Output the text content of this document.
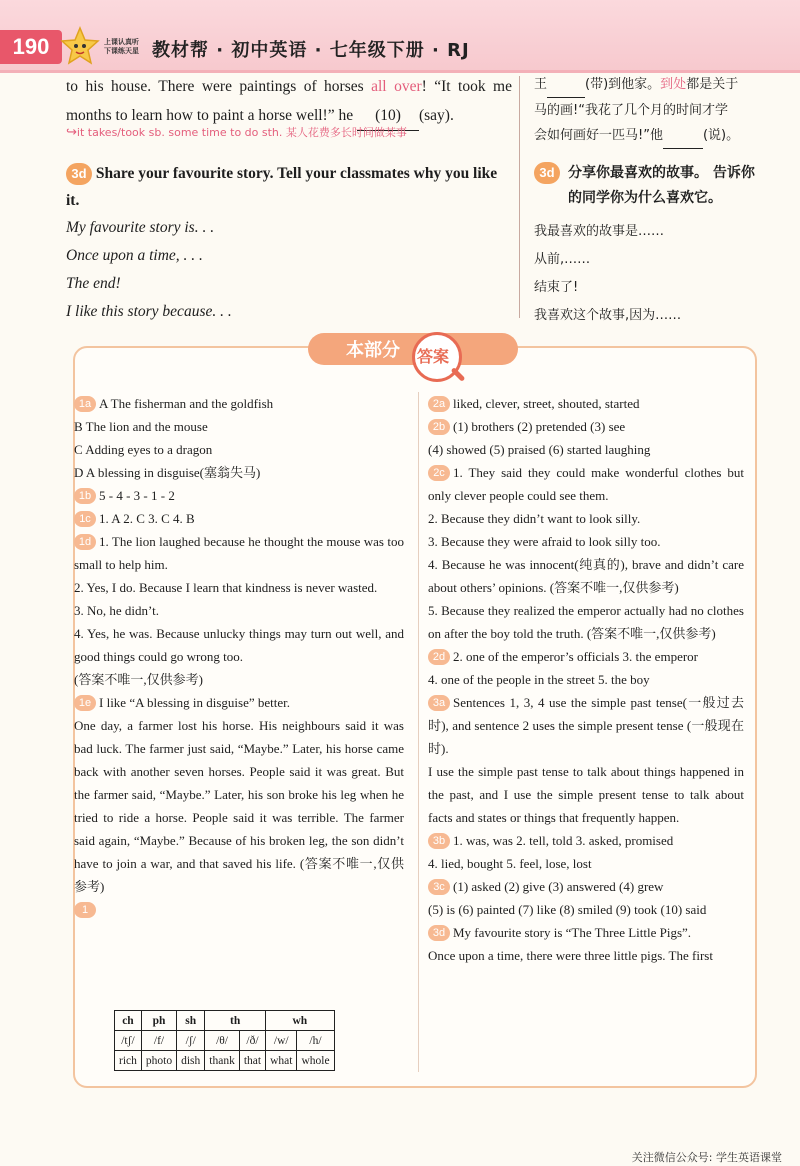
190	上课认真听 下课练天星 教材帮 · 初中英语 · 七年级下册 · RJ
to his house. There were paintings of horses all over! “It took me
months to learn how to paint a horse well!” he (10) (say).
↪it takes/took sb. some time to do sth. 某人花费多长时间做某事
3d Share your favourite story. Tell your classmates why you like it.
My favourite story is. . .
Once upon a time, . . .
The end!
I like this story because. . .
王	(带)到他家。到处都是关于
马的画!“我花了几个月的时间才学
会如何画好一匹马!”他	(说)。
3d 分享你最喜欢的故事。 告诉你的同学你为什么喜欢它。
我最喜欢的故事是……
从前,……
结束了!
我喜欢这个故事,因为……
本部分 答案

1a A The fisherman and the goldfish

B The lion and the mouse

C Adding eyes to a dragon

D A blessing in disguise(塞翁失马)

1b 5 - 4 - 3 - 1 - 2

1c 1. A 2. C 3. C 4. B

1d 1. The lion laughed because he thought the mouse was too small to help him.

2. Yes, I do. Because I learn that kindness is never wasted.

3. No, he didn’t.

4. Yes, he was. Because unlucky things may turn out well, and good things could go wrong too.

(答案不唯一,仅供参考)

1e I like “A blessing in disguise” better.

One day, a farmer lost his horse. His neighbours said it was bad luck. The farmer just said, “Maybe.” Later, his horse came back with another seven horses. People said it was great. But the farmer said, “Maybe.” Later, his son broke his leg when he tried to ride a horse. People said it was terrible. The farmer said again, “Maybe.” Because of his broken leg, the son didn’t have to join a war, and that saved his life. (答案不唯一,仅供参考)

1

2a liked, clever, street, shouted, started

2b (1) brothers (2) pretended (3) see

(4) showed (5) praised (6) started laughing

2c 1. They said they could make wonderful clothes but only clever people could see them.

2. Because they didn’t want to look silly.

3. Because they were afraid to look silly too.

4. Because he was innocent(纯真的), brave and didn’t care about others’ opinions. (答案不唯一,仅供参考)

5. Because they realized the emperor actually had no clothes on after the boy told the truth. (答案不唯一,仅供参考)

2d 2. one of the emperor’s officials 3. the emperor

4. one of the people in the street 5. the boy

3a Sentences 1, 3, 4 use the simple past tense(一般过去时), and sentence 2 uses the simple present tense (一般现在时).

I use the simple past tense to talk about things happened in the past, and I use the simple present tense to talk about facts and states or things that frequently happen.

3b 1. was, was 2. tell, told 3. asked, promised

4. lied, bought 5. feel, lose, lost

3c (1) asked (2) give (3) answered (4) grew

(5) is (6) painted (7) like (8) smiled (9) took (10) said

3d My favourite story is “The Three Little Pigs”.

Once upon a time, there were three little pigs. The first

ch	ph	sh	th		wh	
/tʃ/	/f/	/ʃ/	/θ/	/ð/	/w/	/h/
rich	photo	dish	thank	that	what	whole
关注微信公众号: 学生英语课堂
